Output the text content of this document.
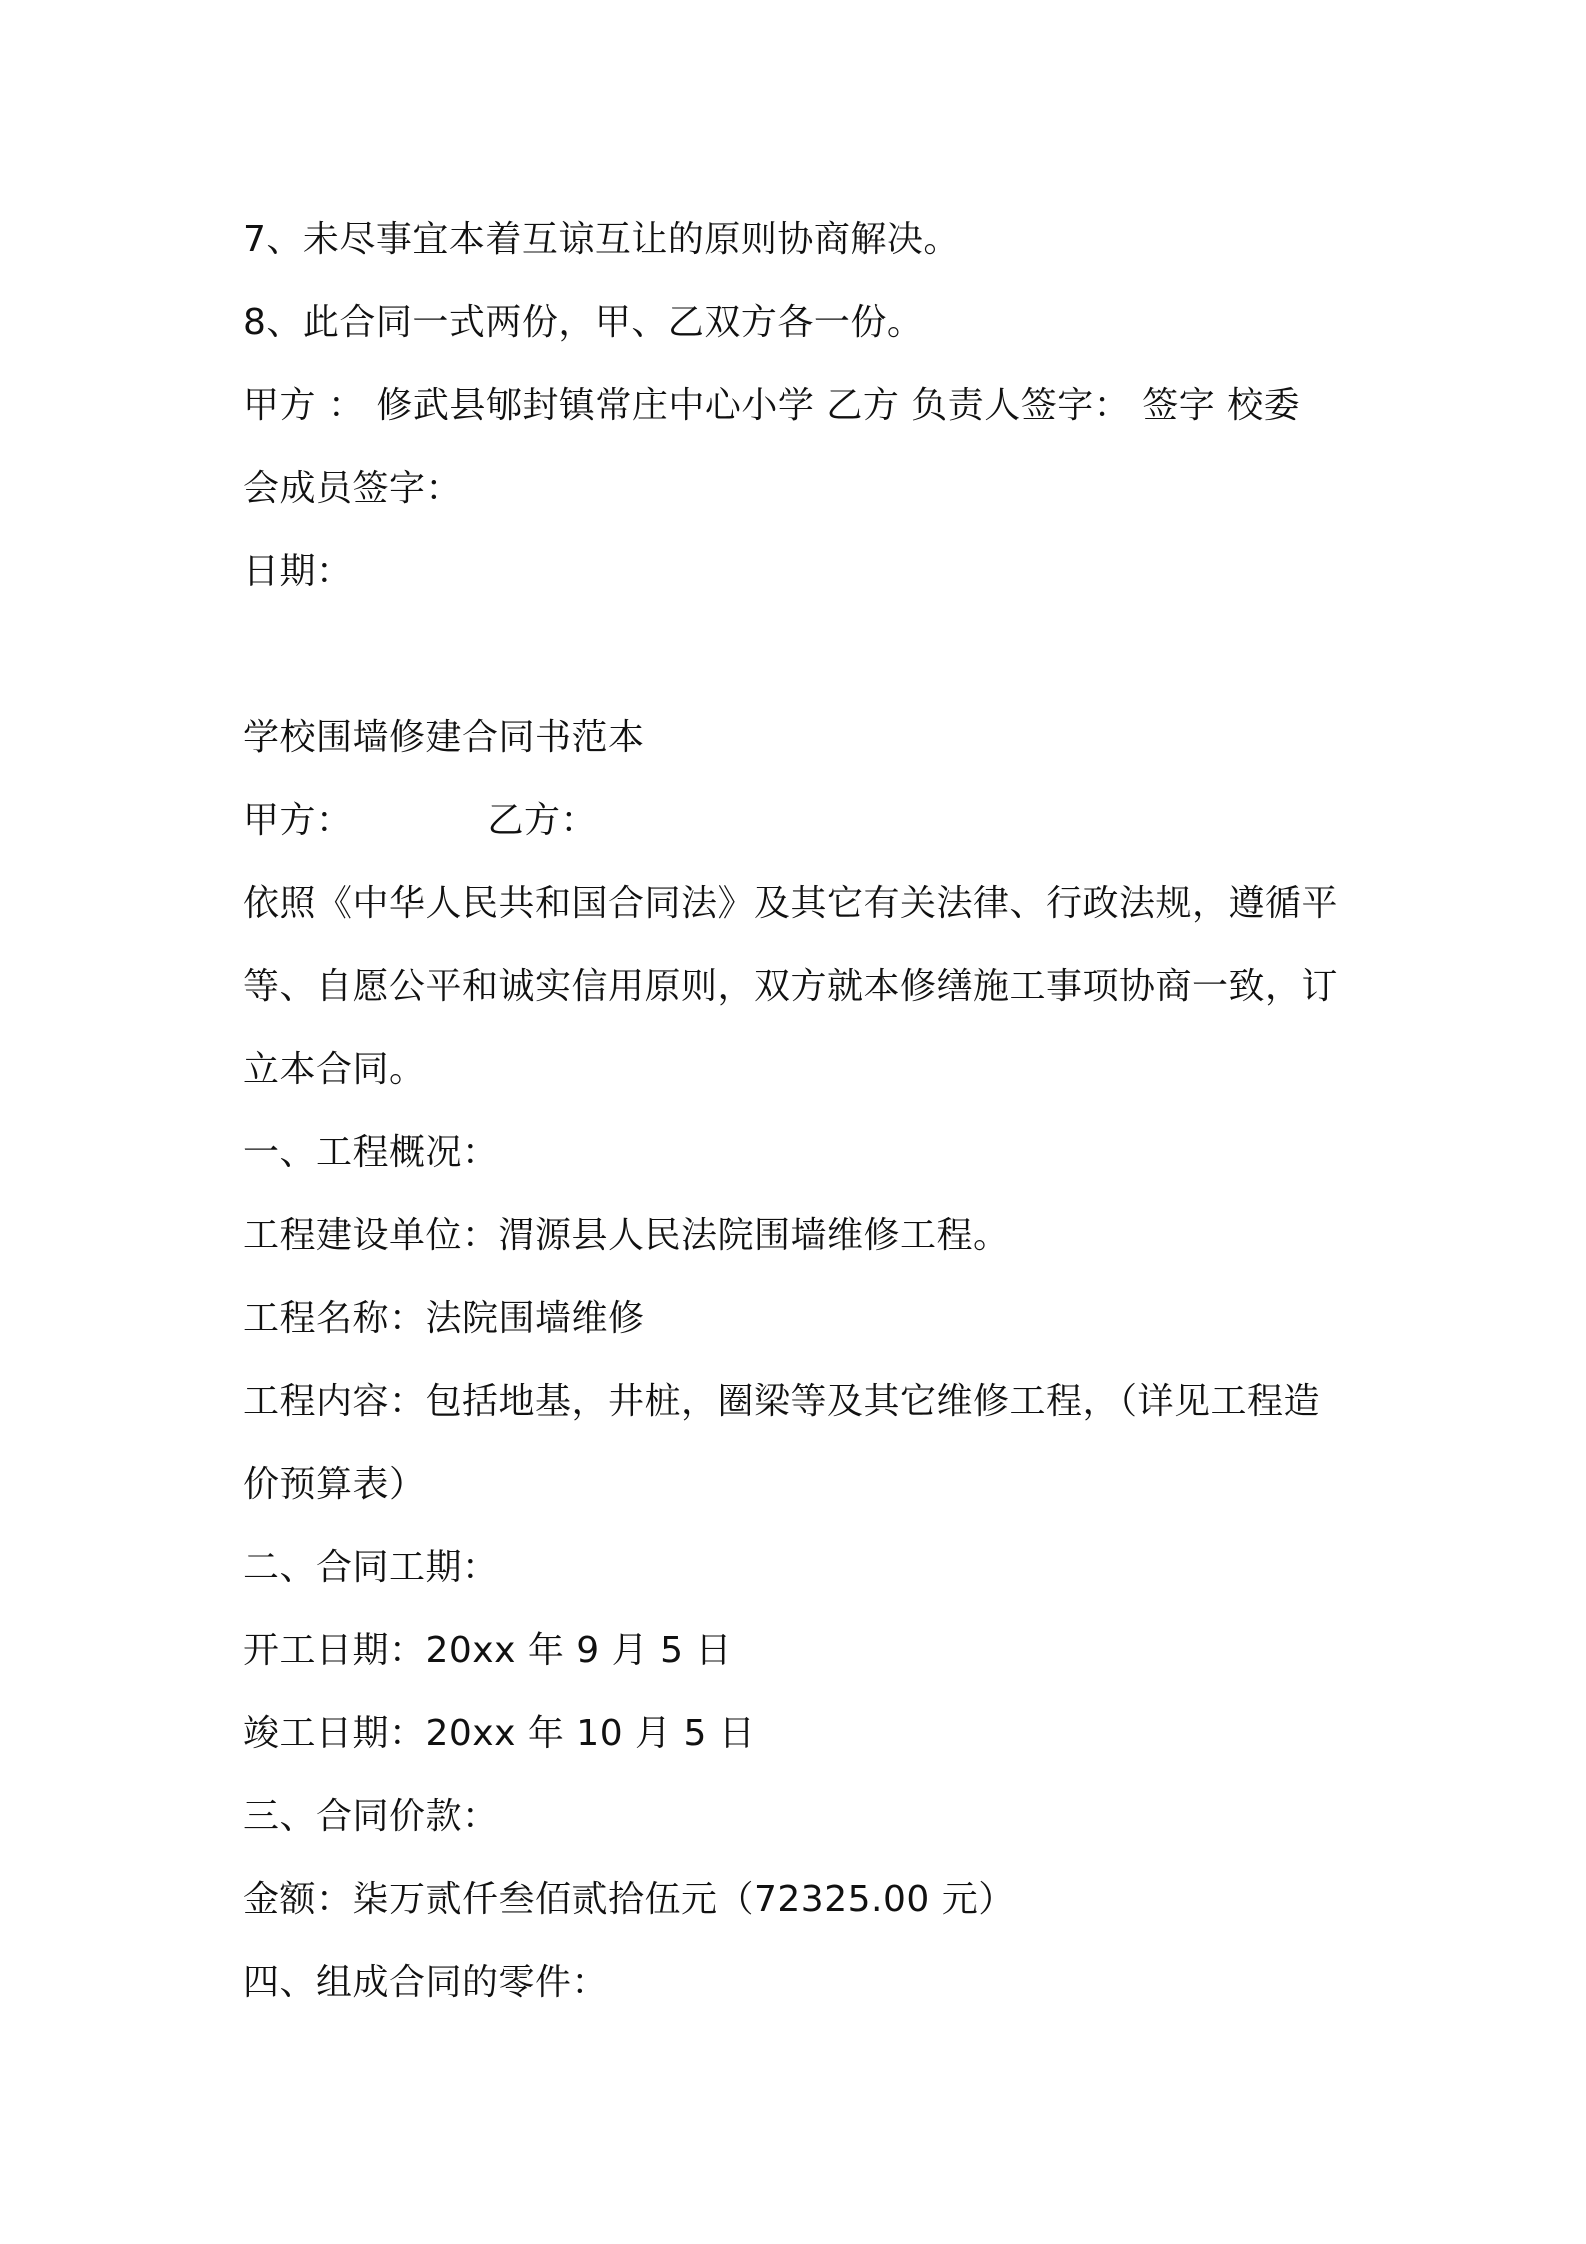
7、未尽事宜本着互谅互让的原则协商解决。
8、此合同一式两份，甲、乙双方各一份。
甲方 ： 修武县郇封镇常庄中心小学 乙方 负责人签字： 签字 校委
会成员签字：
日期：
学校围墙修建合同书范本
甲方：	乙方：
依照《中华人民共和国合同法》及其它有关法律、行政法规，遵循平
等、自愿公平和诚实信用原则，双方就本修缮施工事项协商一致，订
立本合同。
一、工程概况：
工程建设单位：渭源县人民法院围墙维修工程。
工程名称：法院围墙维修
工程内容：包括地基，井桩，圈梁等及其它维修工程，（详见工程造
价预算表）
二、合同工期：
开工日期：20xx 年 9 月 5 日
竣工日期：20xx 年 10 月 5 日
三、合同价款：
金额：柒万贰仟叁佰贰拾伍元（72325.00 元）
四、组成合同的零件：
